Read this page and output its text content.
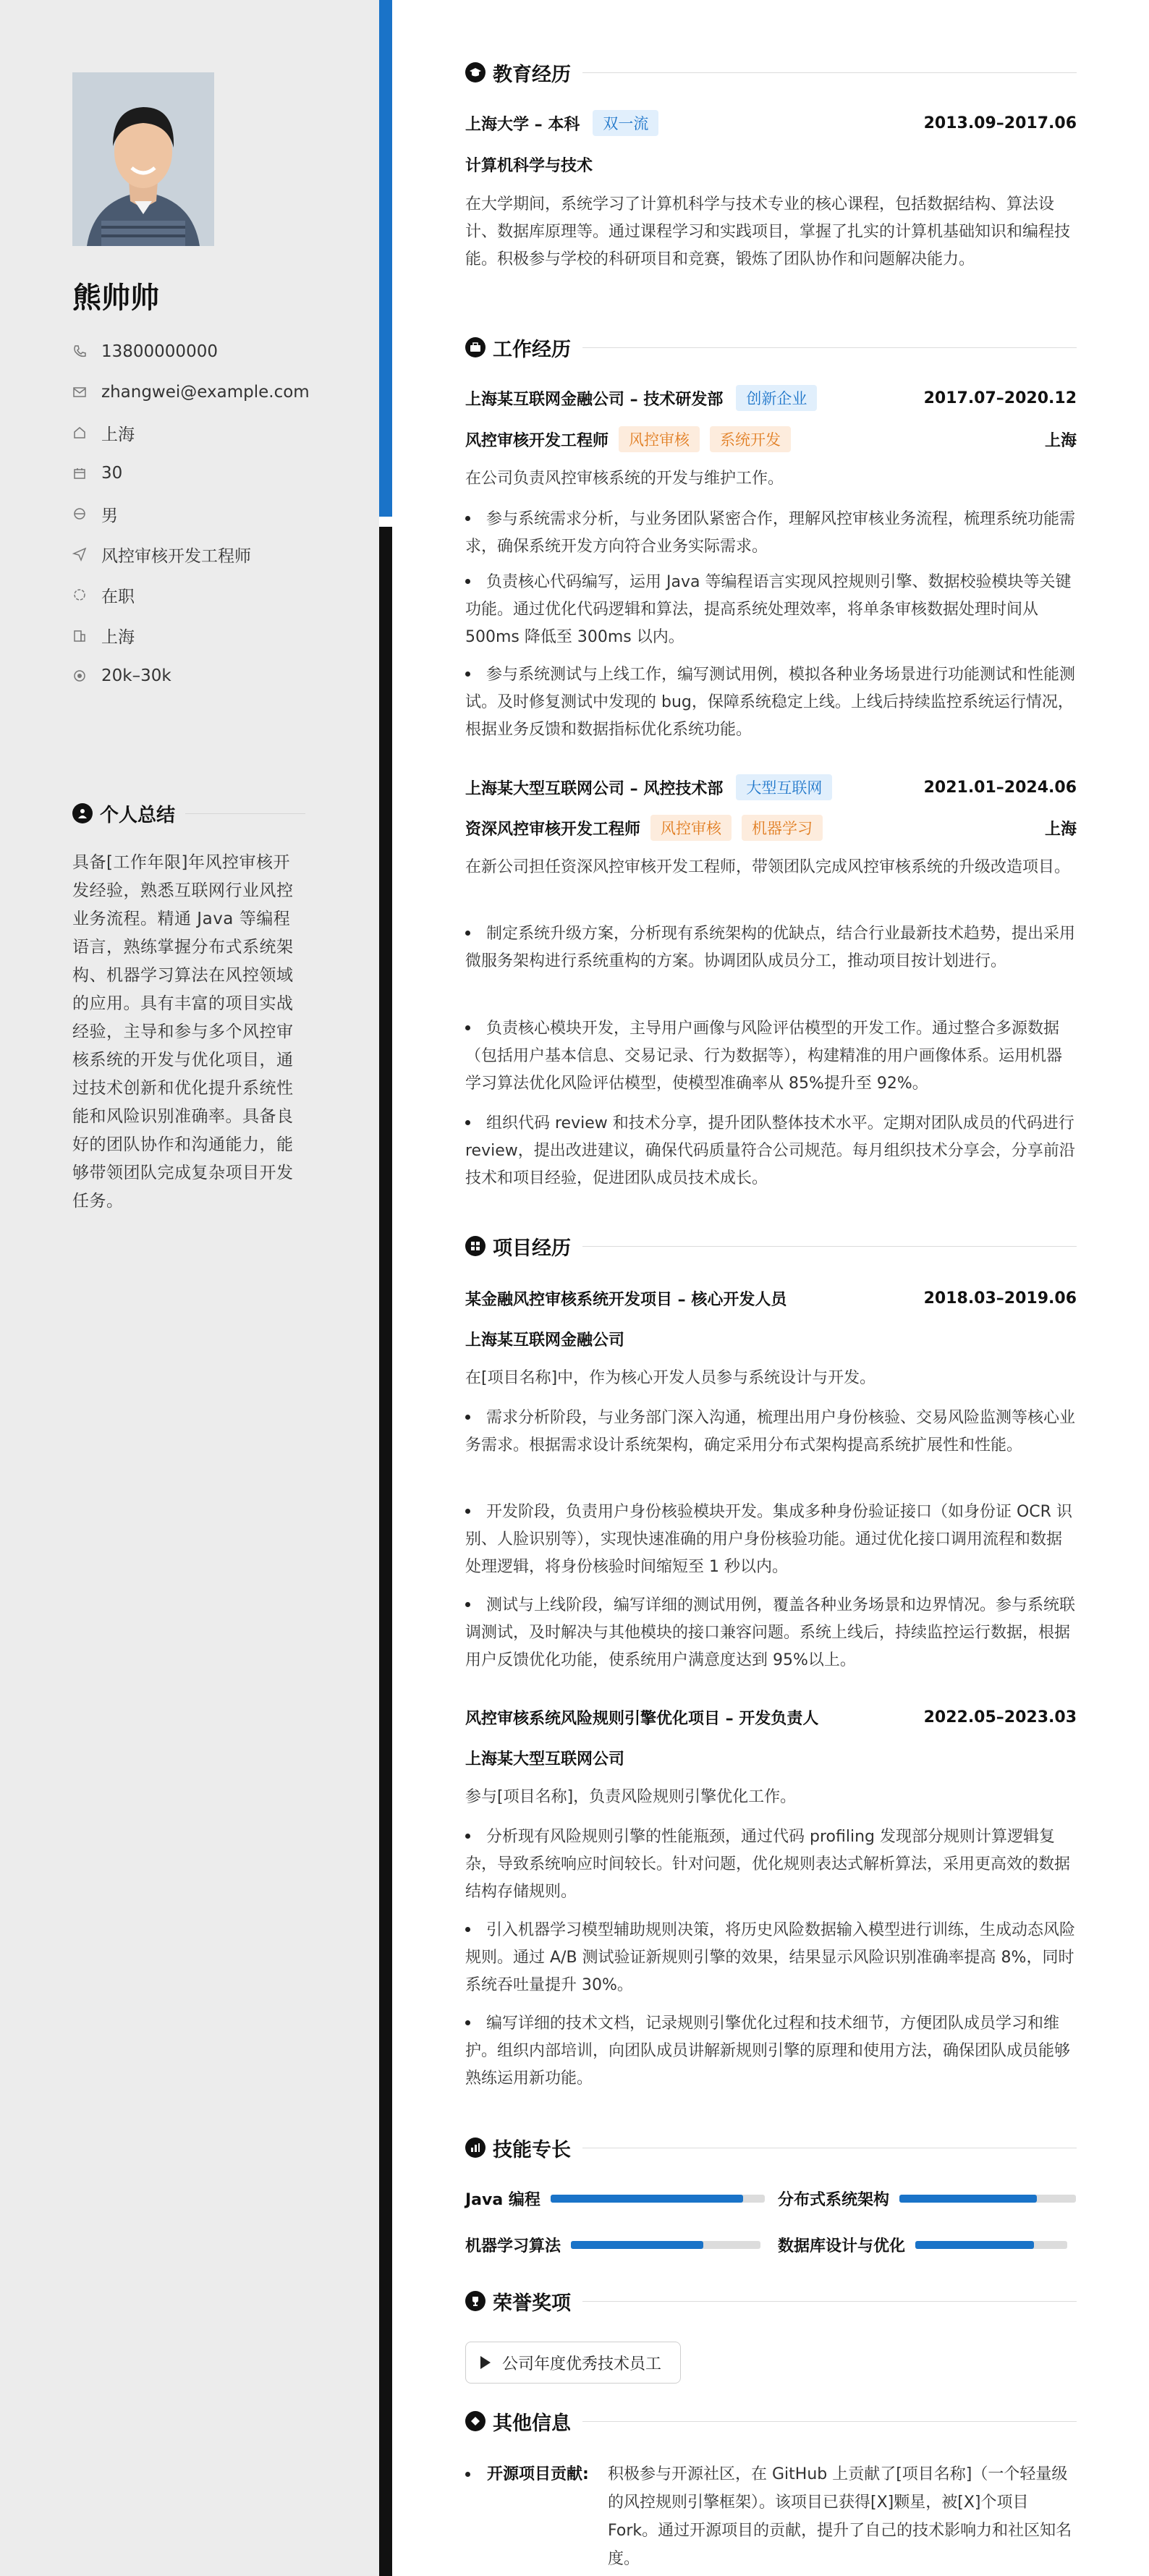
熊帅帅
13800000000
zhangwei@example.com
上海
30
男
风控审核开发工程师
在职
上海
20k–30k
个人总结
具备[工作年限]年风控审核开发经验，熟悉互联网行业风控业务流程。精通 Java 等编程语言，熟练掌握分布式系统架构、机器学习算法在风控领域的应用。具有丰富的项目实战经验，主导和参与多个风控审核系统的开发与优化项目，通过技术创新和优化提升系统性能和风险识别准确率。具备良好的团队协作和沟通能力，能够带领团队完成复杂项目开发任务。
教育经历
上海大学 – 本科	双一流	2013.09–2017.06
计算机科学与技术
在大学期间，系统学习了计算机科学与技术专业的核心课程，包括数据结构、算法设计、数据库原理等。通过课程学习和实践项目，掌握了扎实的计算机基础知识和编程技能。积极参与学校的科研项目和竞赛，锻炼了团队协作和问题解决能力。
工作经历
上海某互联网金融公司 – 技术研发部	创新企业	2017.07–2020.12
风控审核开发工程师	风控审核	系统开发	上海
在公司负责风控审核系统的开发与维护工作。
参与系统需求分析，与业务团队紧密合作，理解风控审核业务流程，梳理系统功能需求，确保系统开发方向符合业务实际需求。
负责核心代码编写，运用 Java 等编程语言实现风控规则引擎、数据校验模块等关键功能。通过优化代码逻辑和算法，提高系统处理效率，将单条审核数据处理时间从 500ms 降低至 300ms 以内。
参与系统测试与上线工作，编写测试用例，模拟各种业务场景进行功能测试和性能测试。及时修复测试中发现的 bug，保障系统稳定上线。上线后持续监控系统运行情况，根据业务反馈和数据指标优化系统功能。
上海某大型互联网公司 – 风控技术部	大型互联网	2021.01–2024.06
资深风控审核开发工程师	风控审核	机器学习	上海
在新公司担任资深风控审核开发工程师，带领团队完成风控审核系统的升级改造项目。
制定系统升级方案，分析现有系统架构的优缺点，结合行业最新技术趋势，提出采用微服务架构进行系统重构的方案。协调团队成员分工，推动项目按计划进行。
负责核心模块开发，主导用户画像与风险评估模型的开发工作。通过整合多源数据（包括用户基本信息、交易记录、行为数据等），构建精准的用户画像体系。运用机器学习算法优化风险评估模型，使模型准确率从 85%提升至 92%。
组织代码 review 和技术分享，提升团队整体技术水平。定期对团队成员的代码进行 review，提出改进建议，确保代码质量符合公司规范。每月组织技术分享会，分享前沿技术和项目经验，促进团队成员技术成长。
项目经历
某金融风控审核系统开发项目 – 核心开发人员	2018.03–2019.06
上海某互联网金融公司
在[项目名称]中，作为核心开发人员参与系统设计与开发。
需求分析阶段，与业务部门深入沟通，梳理出用户身份核验、交易风险监测等核心业务需求。根据需求设计系统架构，确定采用分布式架构提高系统扩展性和性能。
开发阶段，负责用户身份核验模块开发。集成多种身份验证接口（如身份证 OCR 识别、人脸识别等），实现快速准确的用户身份核验功能。通过优化接口调用流程和数据处理逻辑，将身份核验时间缩短至 1 秒以内。
测试与上线阶段，编写详细的测试用例，覆盖各种业务场景和边界情况。参与系统联调测试，及时解决与其他模块的接口兼容问题。系统上线后，持续监控运行数据，根据用户反馈优化功能，使系统用户满意度达到 95%以上。
风控审核系统风险规则引擎优化项目 – 开发负责人	2022.05–2023.03
上海某大型互联网公司
参与[项目名称]，负责风险规则引擎优化工作。
分析现有风险规则引擎的性能瓶颈，通过代码 profiling 发现部分规则计算逻辑复杂，导致系统响应时间较长。针对问题，优化规则表达式解析算法，采用更高效的数据结构存储规则。
引入机器学习模型辅助规则决策，将历史风险数据输入模型进行训练，生成动态风险规则。通过 A/B 测试验证新规则引擎的效果，结果显示风险识别准确率提高 8%，同时系统吞吐量提升 30%。
编写详细的技术文档，记录规则引擎优化过程和技术细节，方便团队成员学习和维护。组织内部培训，向团队成员讲解新规则引擎的原理和使用方法，确保团队成员能够熟练运用新功能。
技能专长
Java 编程	分布式系统架构
机器学习算法	数据库设计与优化
荣誉奖项
公司年度优秀技术员工
其他信息
开源项目贡献: 积极参与开源社区，在 GitHub 上贡献了[项目名称]（一个轻量级的风控规则引擎框架）。该项目已获得[X]颗星，被[X]个项目 Fork。通过开源项目的贡献，提升了自己的技术影响力和社区知名度。
